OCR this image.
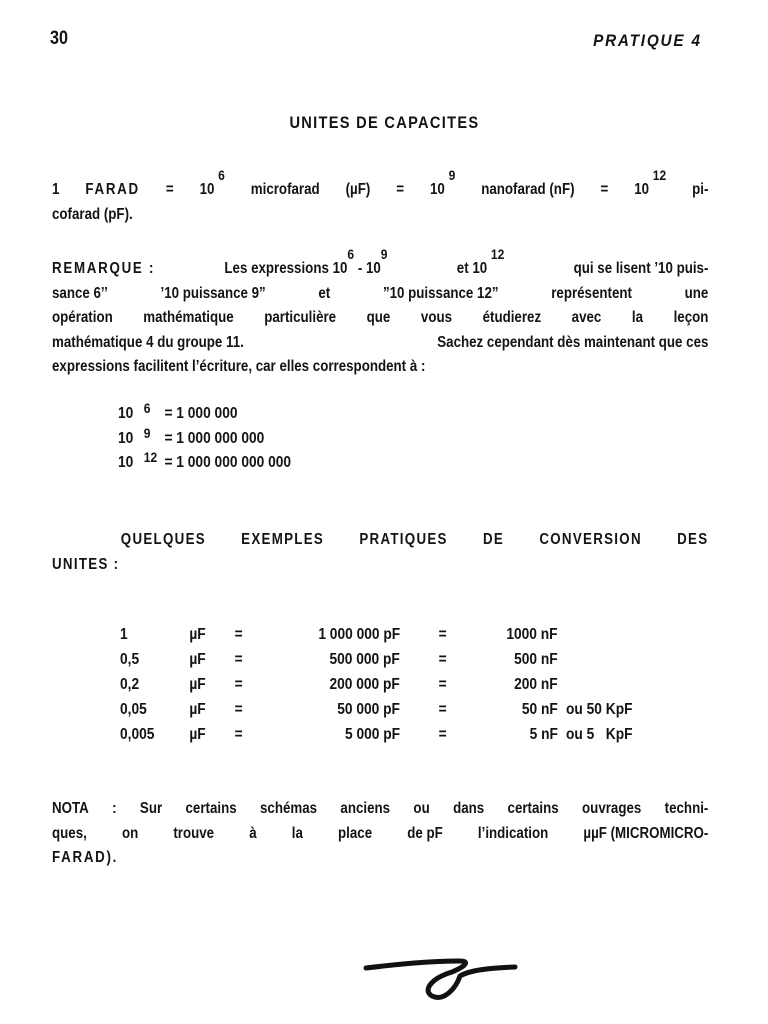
30	PRATIQUE 4
UNITES DE CAPACITES
1 FARAD = 10 $^6$
microfarad (µF) = 10 $^9$
nanofarad (nF) = 10 $^{12}$
pi-
cofarad (pF).
REMARQUE :	Les expressions $10^6 - 10^9$
et 10 $^{12}$
qui se lisent ’10 puis-
sance 6’’	’10 puissance 9”	et	”10 puissance 12”	représentent	une
opération mathématique particulière que vous étudierez avec la leçon
mathématique 4 du groupe 11.	Sachez cependant dès maintenant que ces
expressions facilitent l’écriture, car elles correspondent à :
10 6 = 1 000 000
10 9 = 1 000 000 000
10 12 = 1 000 000 000 000
QUELQUES EXEMPLES PRATIQUES DE CONVERSION DES
UNITES :
1	µF =	1 000 000 pF =	1000 nF
0,5	µF =	500 000 pF =	500 nF
0,2	µF =	200 000 pF =	200 nF
0,05	µF =	50 000 pF =	50 nF ou 50 KpF
0,005 µF =	5 000 pF =	5 nF ou 5   KpF
NOTA : Sur certains schémas anciens ou dans certains ouvrages techni-
ques, on trouve à la place de pF l’indication µµF (MICROMICRO-
FARAD).
